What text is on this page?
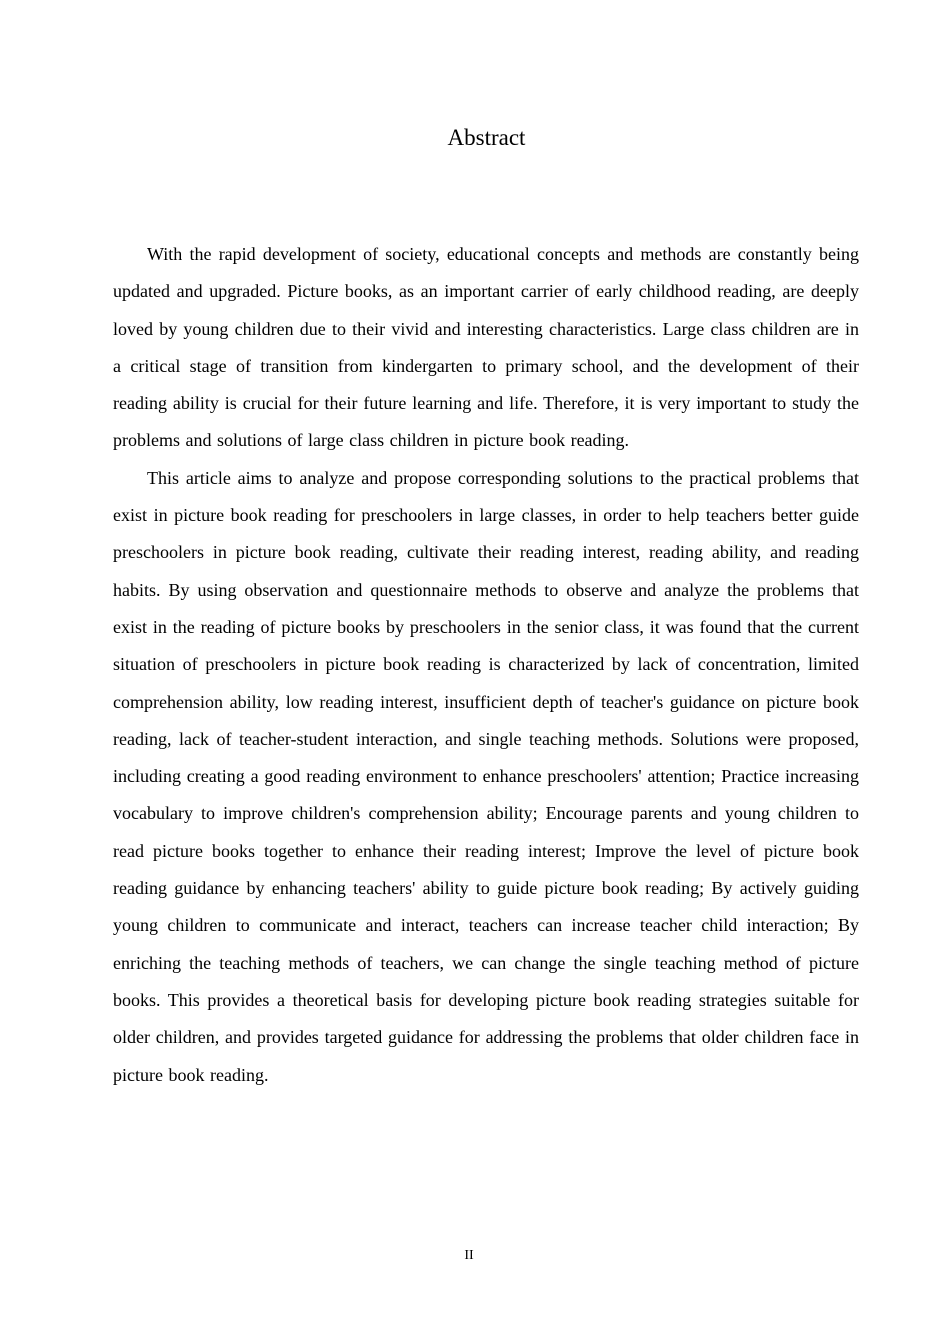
Abstract

With the rapid development of society, educational concepts and methods are constantly being updated and upgraded. Picture books, as an important carrier of early childhood reading, are deeply loved by young children due to their vivid and interesting characteristics. Large class children are in a critical stage of transition from kindergarten to primary school, and the development of their reading ability is crucial for their future learning and life. Therefore, it is very important to study the problems and solutions of large class children in picture book reading.

This article aims to analyze and propose corresponding solutions to the practical problems that exist in picture book reading for preschoolers in large classes, in order to help teachers better guide preschoolers in picture book reading, cultivate their reading interest, reading ability, and reading habits. By using observation and questionnaire methods to observe and analyze the problems that exist in the reading of picture books by preschoolers in the senior class, it was found that the current situation of preschoolers in picture book reading is characterized by lack of concentration, limited comprehension ability, low reading interest, insufficient depth of teacher's guidance on picture book reading, lack of teacher-student interaction, and single teaching methods. Solutions were proposed, including creating a good reading environment to enhance preschoolers' attention; Practice increasing vocabulary to improve children's comprehension ability; Encourage parents and young children to read picture books together to enhance their reading interest; Improve the level of picture book reading guidance by enhancing teachers' ability to guide picture book reading; By actively guiding young children to communicate and interact, teachers can increase teacher child interaction; By enriching the teaching methods of teachers, we can change the single teaching method of picture books. This provides a theoretical basis for developing picture book reading strategies suitable for older children, and provides targeted guidance for addressing the problems that older children face in picture book reading.

II
